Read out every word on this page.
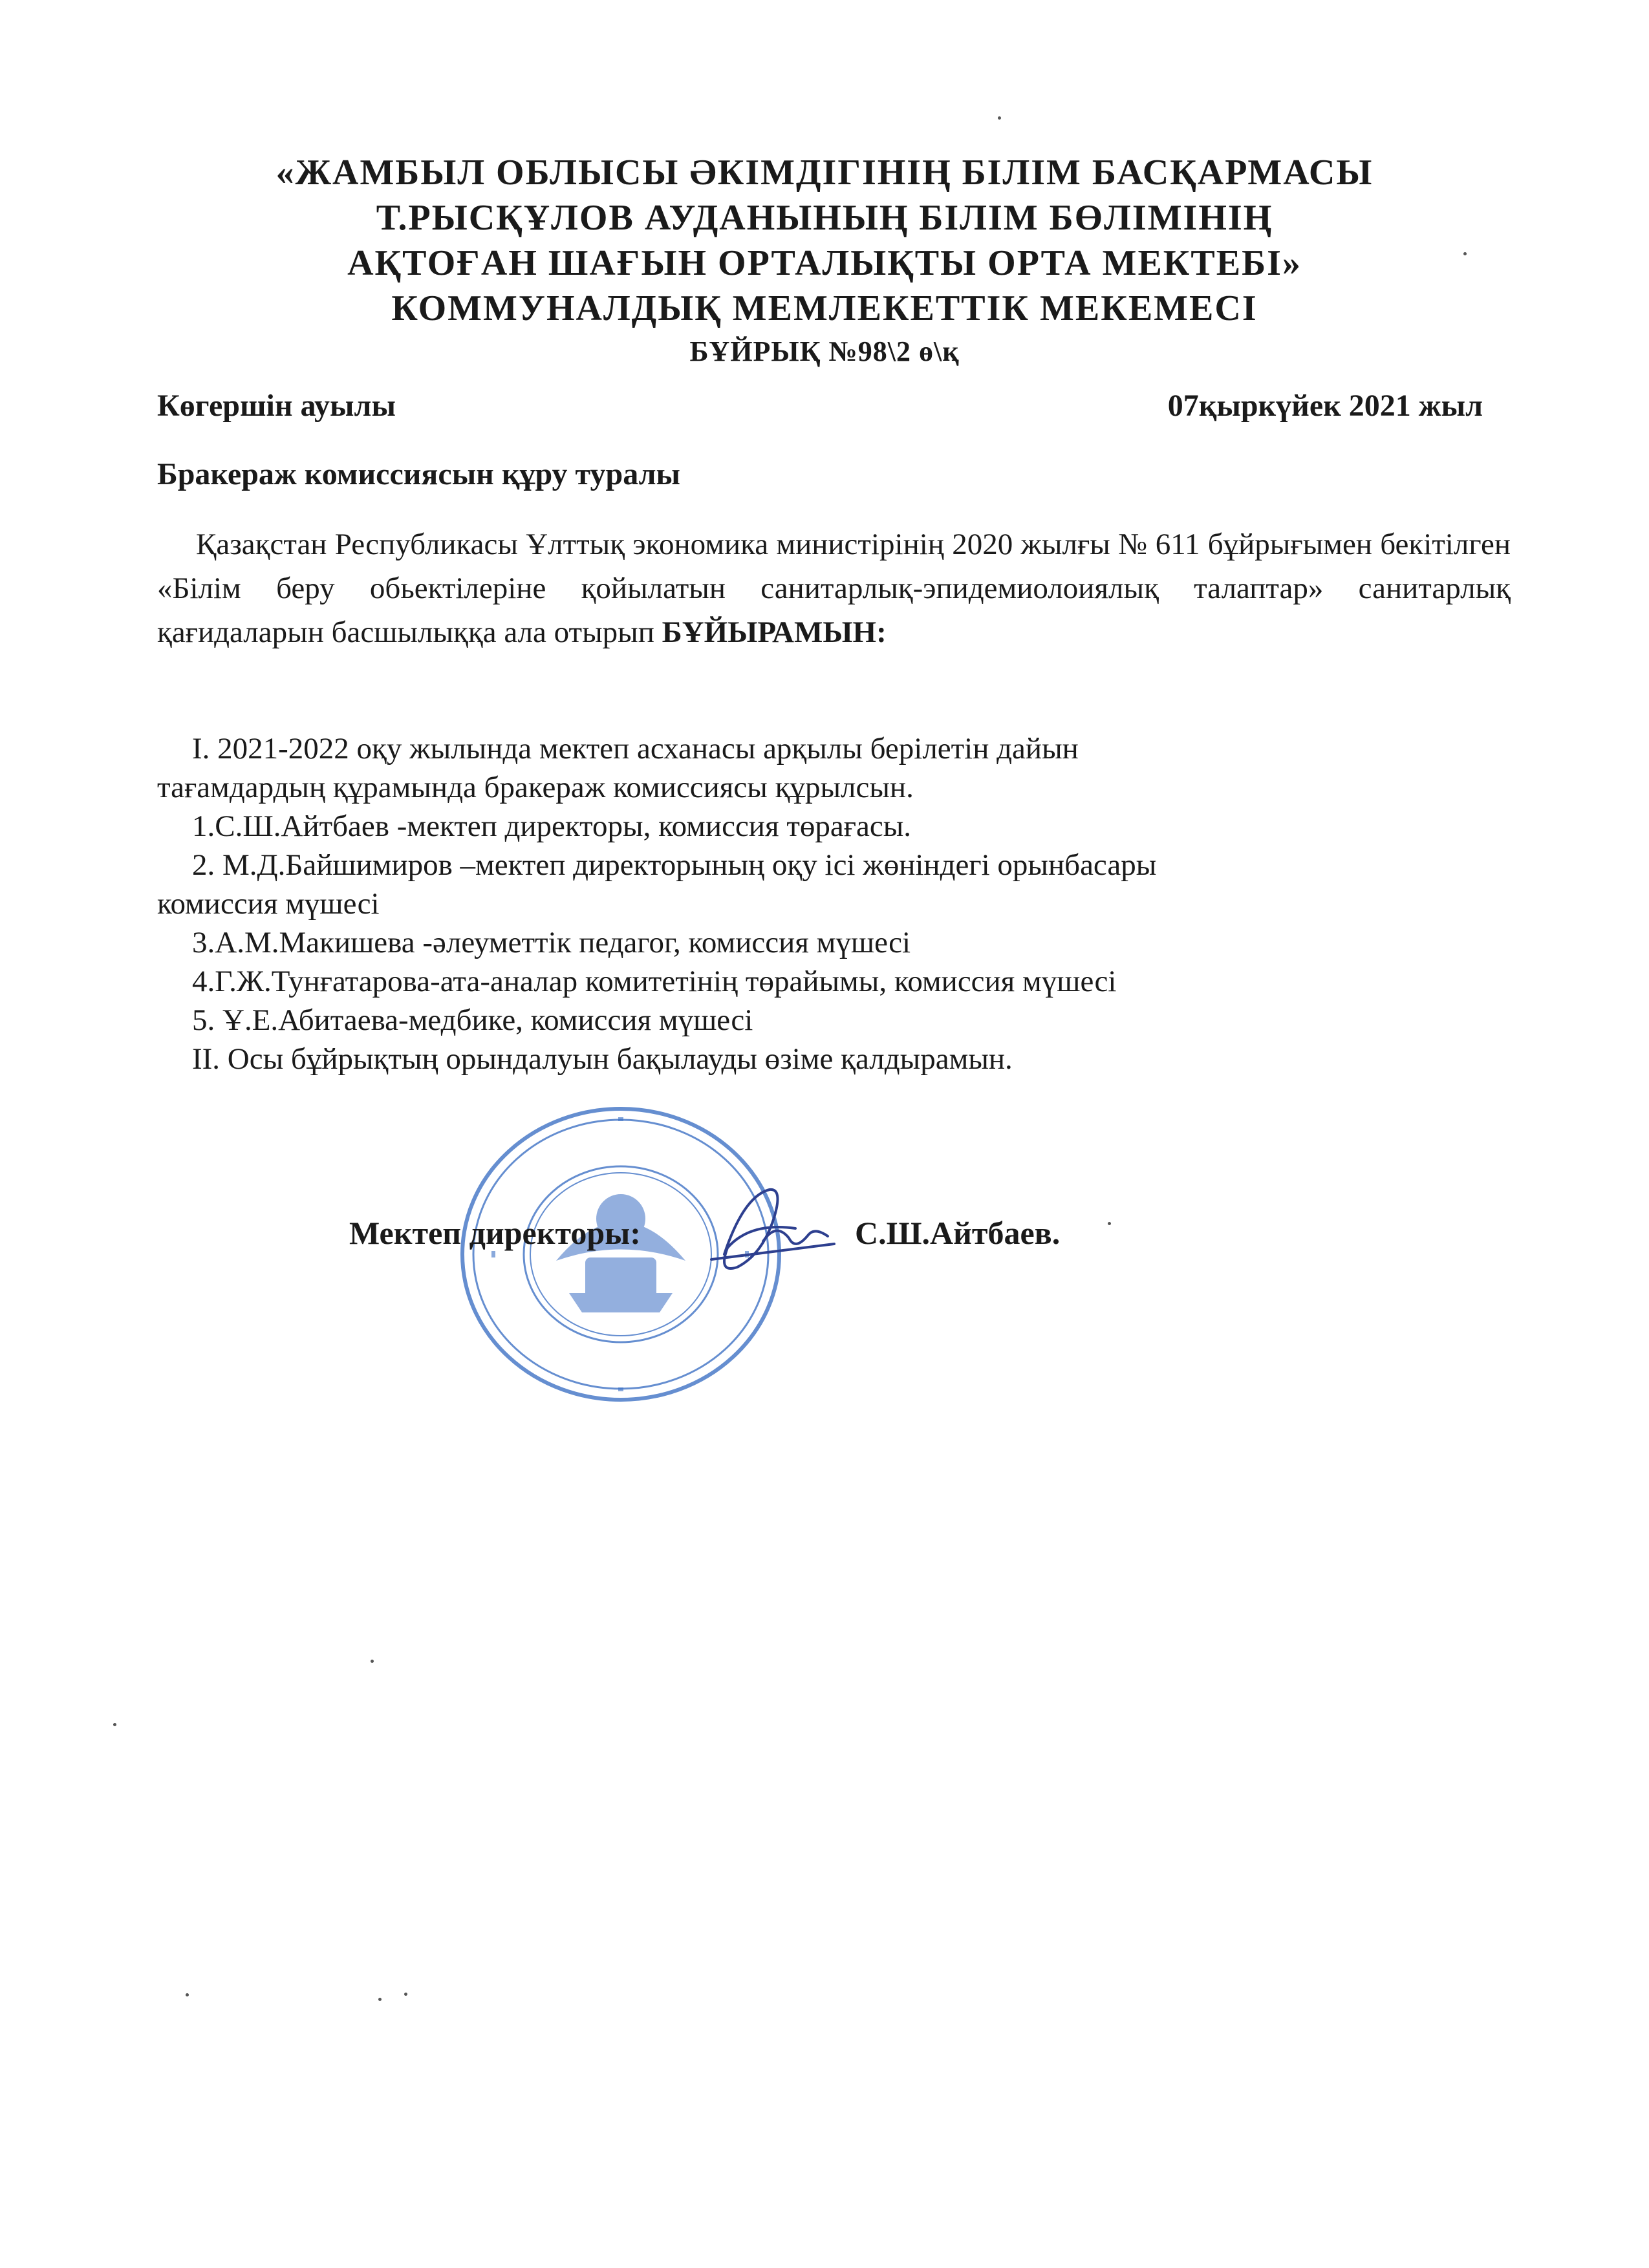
«ЖАМБЫЛ ОБЛЫСЫ ӘКІМДІГІНІҢ БІЛІМ БАСҚАРМАСЫ
Т.РЫСҚҰЛОВ АУДАНЫНЫҢ БІЛІМ БӨЛІМІНІҢ
АҚТОҒАН ШАҒЫН ОРТАЛЫҚТЫ ОРТА МЕКТЕБІ»
КОММУНАЛДЫҚ МЕМЛЕКЕТТІК МЕКЕМЕСІ
БҰЙРЫҚ №98\2 ө\қ
Көгершін ауылы	07қыркүйек 2021 жыл
Бракераж комиссиясын құру туралы
Қазақстан Республикасы Ұлттық экономика министірінің 2020 жылғы № 611 бұйрығымен бекітілген «Білім беру обьектілеріне қойылатын санитарлық-эпидемиолоиялық талаптар» санитарлық қағидаларын басшылыққа ала отырып БҰЙЫРАМЫН:

І. 2021-2022 оқу жылында мектеп асханасы арқылы берілетін дайын

тағамдардың құрамында бракераж комиссиясы құрылсын.

1.С.Ш.Айтбаев -мектеп директоры, комиссия төрағасы.

2. М.Д.Байшимиров –мектеп директорының оқу ісі жөніндегі орынбасары

комиссия мүшесі

3.А.М.Макишева -әлеуметтік педагог, комиссия мүшесі

4.Г.Ж.Тунғатарова-ата-аналар комитетінің төрайымы, комиссия мүшесі

5. Ұ.Е.Абитаева-медбике, комиссия мүшесі

ІІ. Осы бұйрықтың орындалуын бақылауды өзіме қалдырамын.

Мектеп директоры:	С.Ш.Айтбаев.
